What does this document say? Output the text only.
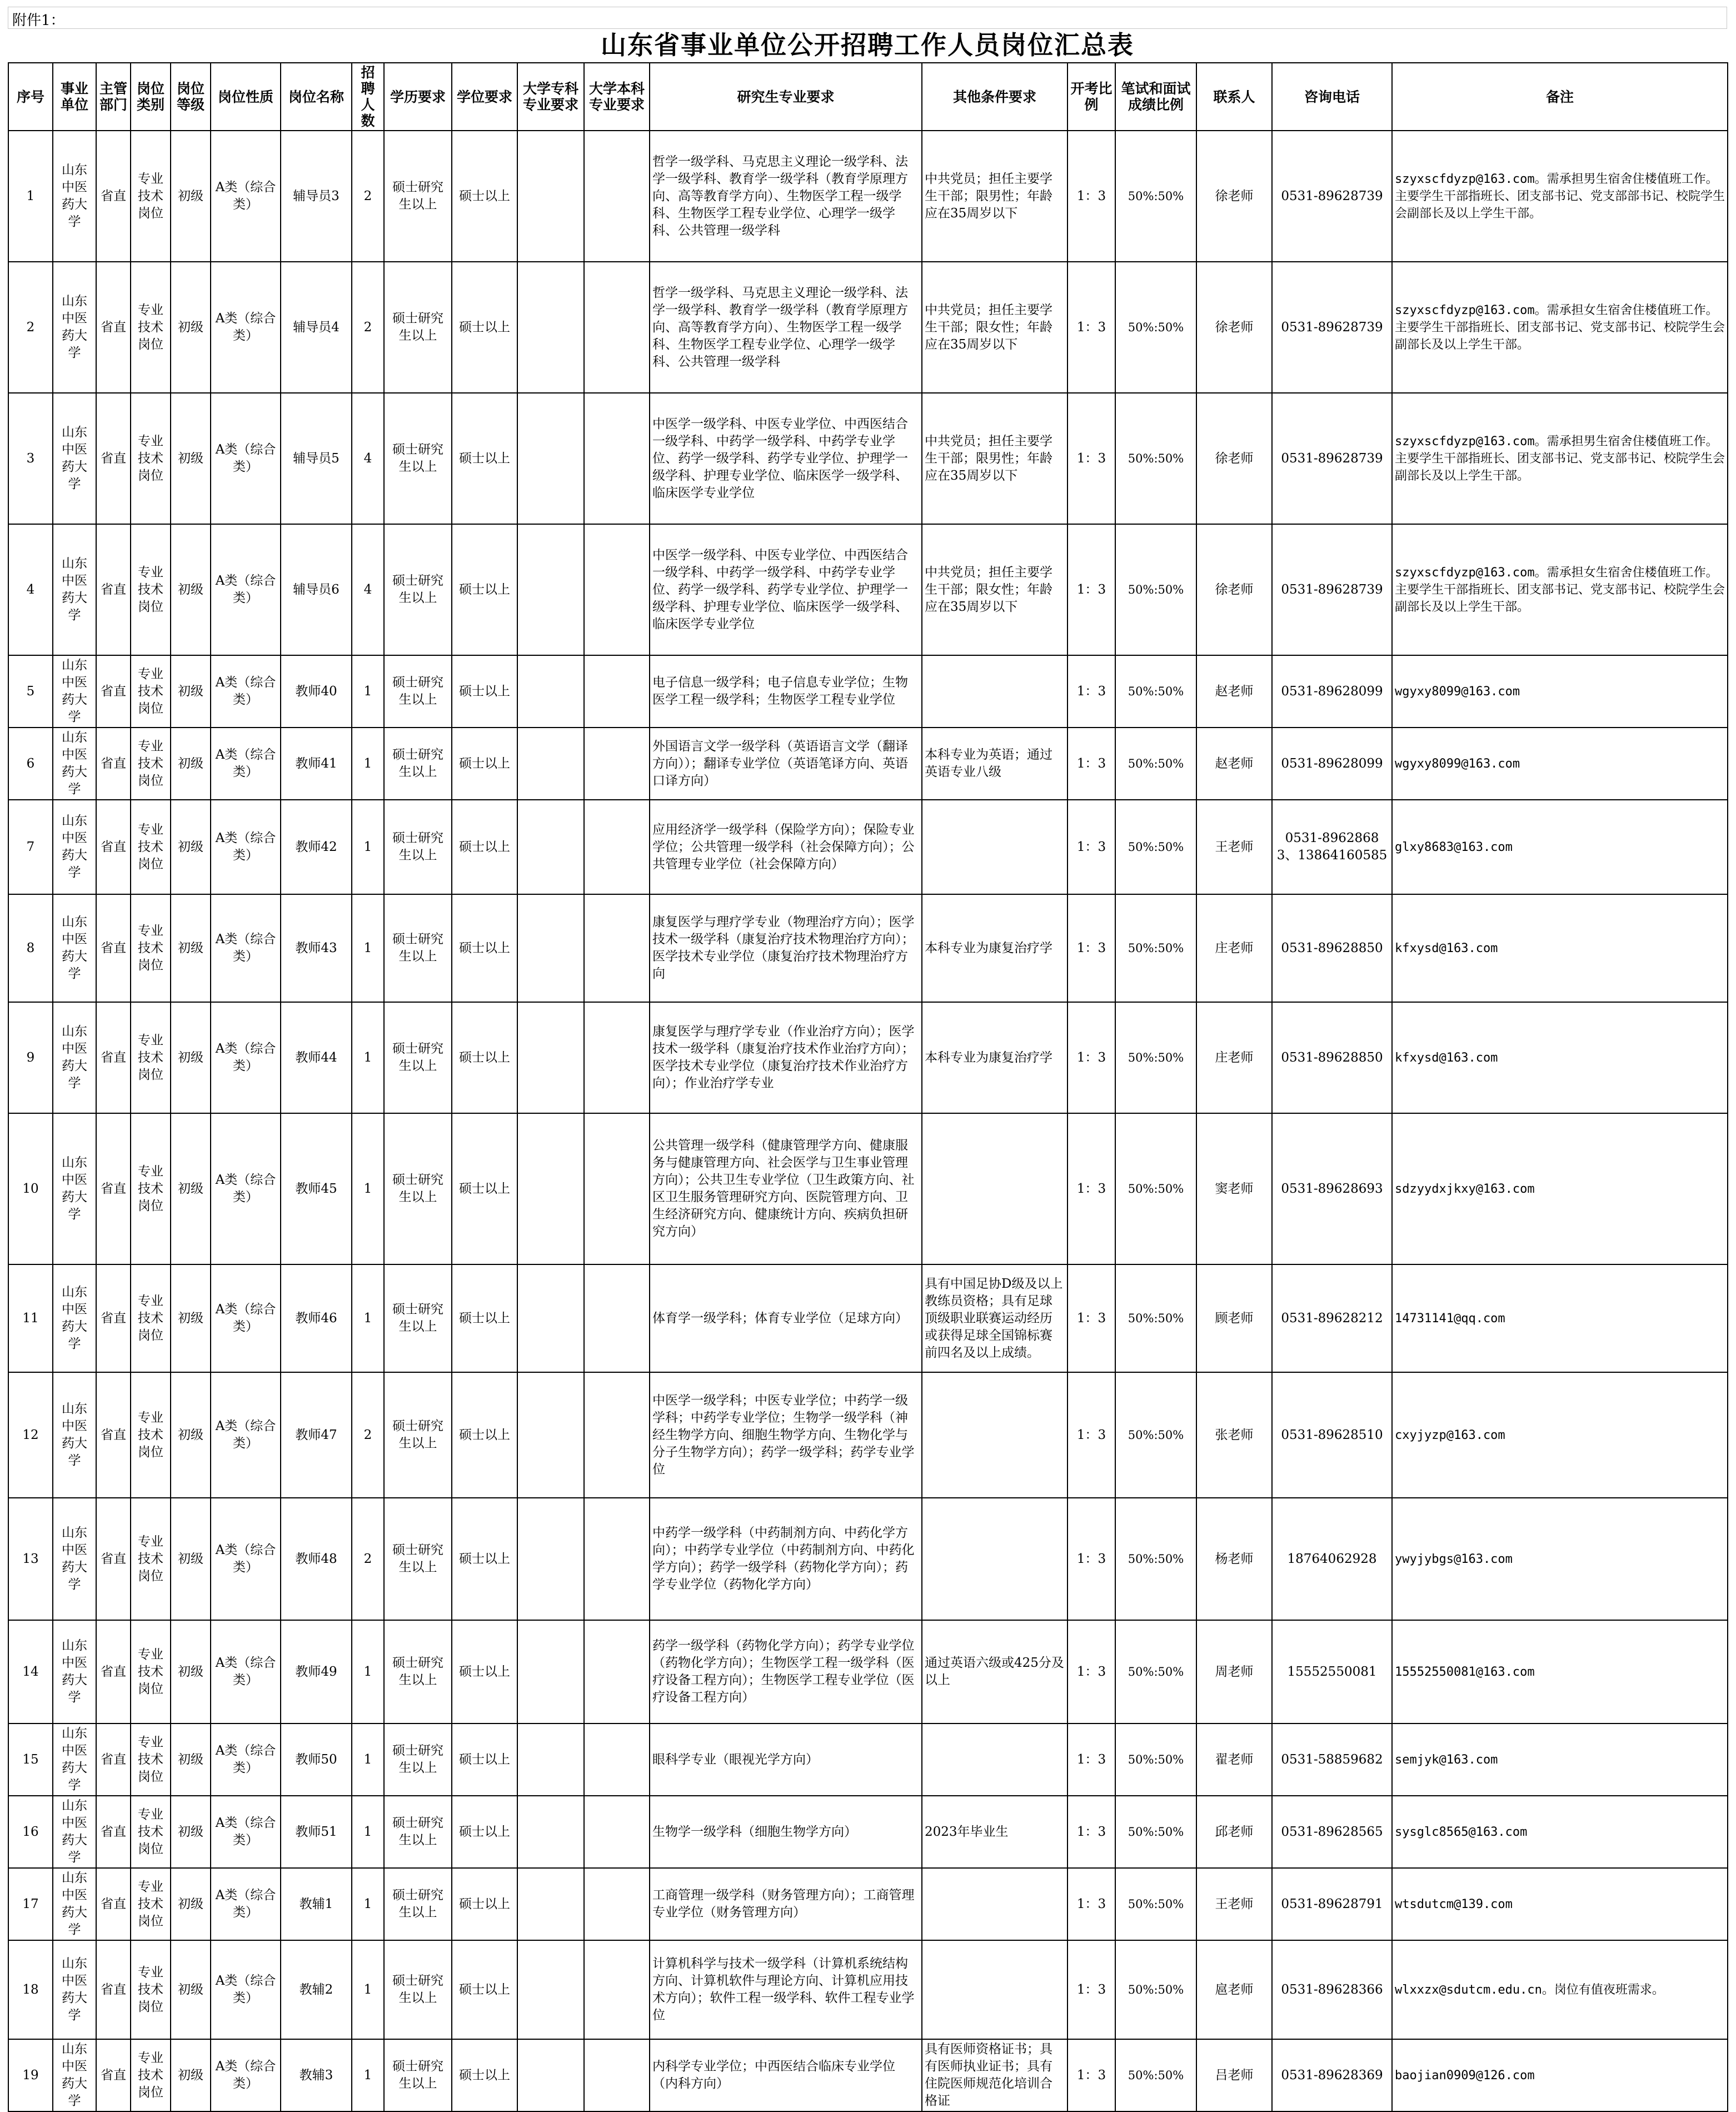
附件1：
山东省事业单位公开招聘工作人员岗位汇总表
序号	事业单位	主管部门	岗位类别	岗位等级	岗位性质	岗位名称	招聘人数	学历要求	学位要求	大学专科专业要求	大学本科专业要求	研究生专业要求	其他条件要求	开考比例	笔试和面试成绩比例	联系人	咨询电话	备注
1	山东中医药大学	省直	专业技术岗位	初级	A类（综合类）	辅导员3	2	硕士研究生以上	硕士以上			哲学一级学科、马克思主义理论一级学科、法学一级学科、教育学一级学科（教育学原理方向、高等教育学方向）、生物医学工程一级学科、生物医学工程专业学位、心理学一级学科、公共管理一级学科	中共党员；担任主要学生干部；限男性；年龄应在35周岁以下	1：3	50%:50%	徐老师	0531-89628739	szyxscfdyzp@163.com。需承担男生宿舍住楼值班工作。主要学生干部指班长、团支部书记、党支部部书记、校院学生会副部长及以上学生干部。
2	山东中医药大学	省直	专业技术岗位	初级	A类（综合类）	辅导员4	2	硕士研究生以上	硕士以上			哲学一级学科、马克思主义理论一级学科、法学一级学科、教育学一级学科（教育学原理方向、高等教育学方向）、生物医学工程一级学科、生物医学工程专业学位、心理学一级学科、公共管理一级学科	中共党员；担任主要学生干部；限女性；年龄应在35周岁以下	1：3	50%:50%	徐老师	0531-89628739	szyxscfdyzp@163.com。需承担女生宿舍住楼值班工作。主要学生干部指班长、团支部书记、党支部书记、校院学生会副部长及以上学生干部。
3	山东中医药大学	省直	专业技术岗位	初级	A类（综合类）	辅导员5	4	硕士研究生以上	硕士以上			中医学一级学科、中医专业学位、中西医结合一级学科、中药学一级学科、中药学专业学位、药学一级学科、药学专业学位、护理学一级学科、护理专业学位、临床医学一级学科、临床医学专业学位	中共党员；担任主要学生干部；限男性；年龄应在35周岁以下	1：3	50%:50%	徐老师	0531-89628739	szyxscfdyzp@163.com。需承担男生宿舍住楼值班工作。主要学生干部指班长、团支部书记、党支部书记、校院学生会副部长及以上学生干部。
4	山东中医药大学	省直	专业技术岗位	初级	A类（综合类）	辅导员6	4	硕士研究生以上	硕士以上			中医学一级学科、中医专业学位、中西医结合一级学科、中药学一级学科、中药学专业学位、药学一级学科、药学专业学位、护理学一级学科、护理专业学位、临床医学一级学科、临床医学专业学位	中共党员；担任主要学生干部；限女性；年龄应在35周岁以下	1：3	50%:50%	徐老师	0531-89628739	szyxscfdyzp@163.com。需承担女生宿舍住楼值班工作。主要学生干部指班长、团支部书记、党支部书记、校院学生会副部长及以上学生干部。
5	山东中医药大学	省直	专业技术岗位	初级	A类（综合类）	教师40	1	硕士研究生以上	硕士以上			电子信息一级学科；电子信息专业学位；生物医学工程一级学科；生物医学工程专业学位		1：3	50%:50%	赵老师	0531-89628099	wgyxy8099@163.com
6	山东中医药大学	省直	专业技术岗位	初级	A类（综合类）	教师41	1	硕士研究生以上	硕士以上			外国语言文学一级学科（英语语言文学（翻译方向））；翻译专业学位（英语笔译方向、英语口译方向）	本科专业为英语；通过英语专业八级	1：3	50%:50%	赵老师	0531-89628099	wgyxy8099@163.com
7	山东中医药大学	省直	专业技术岗位	初级	A类（综合类）	教师42	1	硕士研究生以上	硕士以上			应用经济学一级学科（保险学方向）；保险专业学位；公共管理一级学科（社会保障方向）；公共管理专业学位（社会保障方向）		1：3	50%:50%	王老师	0531-89628683、13864160585	glxy8683@163.com
8	山东中医药大学	省直	专业技术岗位	初级	A类（综合类）	教师43	1	硕士研究生以上	硕士以上			康复医学与理疗学专业（物理治疗方向）；医学技术一级学科（康复治疗技术物理治疗方向）；医学技术专业学位（康复治疗技术物理治疗方向	本科专业为康复治疗学	1：3	50%:50%	庄老师	0531-89628850	kfxysd@163.com
9	山东中医药大学	省直	专业技术岗位	初级	A类（综合类）	教师44	1	硕士研究生以上	硕士以上			康复医学与理疗学专业（作业治疗方向）；医学技术一级学科（康复治疗技术作业治疗方向）；医学技术专业学位（康复治疗技术作业治疗方向）；作业治疗学专业	本科专业为康复治疗学	1：3	50%:50%	庄老师	0531-89628850	kfxysd@163.com
10	山东中医药大学	省直	专业技术岗位	初级	A类（综合类）	教师45	1	硕士研究生以上	硕士以上			公共管理一级学科（健康管理学方向、健康服务与健康管理方向、社会医学与卫生事业管理方向）；公共卫生专业学位（卫生政策方向、社区卫生服务管理研究方向、医院管理方向、卫生经济研究方向、健康统计方向、疾病负担研究方向）		1：3	50%:50%	窦老师	0531-89628693	sdzyydxjkxy@163.com
11	山东中医药大学	省直	专业技术岗位	初级	A类（综合类）	教师46	1	硕士研究生以上	硕士以上			体育学一级学科；体育专业学位（足球方向）	具有中国足协D级及以上教练员资格；具有足球顶级职业联赛运动经历或获得足球全国锦标赛前四名及以上成绩。	1：3	50%:50%	顾老师	0531-89628212	14731141@qq.com
12	山东中医药大学	省直	专业技术岗位	初级	A类（综合类）	教师47	2	硕士研究生以上	硕士以上			中医学一级学科；中医专业学位；中药学一级学科；中药学专业学位；生物学一级学科（神经生物学方向、细胞生物学方向、生物化学与分子生物学方向）；药学一级学科；药学专业学位		1：3	50%:50%	张老师	0531-89628510	cxyjyzp@163.com
13	山东中医药大学	省直	专业技术岗位	初级	A类（综合类）	教师48	2	硕士研究生以上	硕士以上			中药学一级学科（中药制剂方向、中药化学方向）；中药学专业学位（中药制剂方向、中药化学方向）；药学一级学科（药物化学方向）；药学专业学位（药物化学方向）		1：3	50%:50%	杨老师	18764062928	ywyjybgs@163.com
14	山东中医药大学	省直	专业技术岗位	初级	A类（综合类）	教师49	1	硕士研究生以上	硕士以上			药学一级学科（药物化学方向）；药学专业学位（药物化学方向）；生物医学工程一级学科（医疗设备工程方向）；生物医学工程专业学位（医疗设备工程方向）	通过英语六级或425分及以上	1：3	50%:50%	周老师	15552550081	15552550081@163.com
15	山东中医药大学	省直	专业技术岗位	初级	A类（综合类）	教师50	1	硕士研究生以上	硕士以上			眼科学专业（眼视光学方向）		1：3	50%:50%	翟老师	0531-58859682	semjyk@163.com
16	山东中医药大学	省直	专业技术岗位	初级	A类（综合类）	教师51	1	硕士研究生以上	硕士以上			生物学一级学科（细胞生物学方向）	2023年毕业生	1：3	50%:50%	邱老师	0531-89628565	sysglc8565@163.com
17	山东中医药大学	省直	专业技术岗位	初级	A类（综合类）	教辅1	1	硕士研究生以上	硕士以上			工商管理一级学科（财务管理方向）；工商管理专业学位（财务管理方向）		1：3	50%:50%	王老师	0531-89628791	wtsdutcm@139.com
18	山东中医药大学	省直	专业技术岗位	初级	A类（综合类）	教辅2	1	硕士研究生以上	硕士以上			计算机科学与技术一级学科（计算机系统结构方向、计算机软件与理论方向、计算机应用技术方向）；软件工程一级学科、软件工程专业学位		1：3	50%:50%	扈老师	0531-89628366	wlxxzx@sdutcm.edu.cn。岗位有值夜班需求。
19	山东中医药大学	省直	专业技术岗位	初级	A类（综合类）	教辅3	1	硕士研究生以上	硕士以上			内科学专业学位；中西医结合临床专业学位（内科方向）	具有医师资格证书；具有医师执业证书；具有住院医师规范化培训合格证	1：3	50%:50%	吕老师	0531-89628369	baojian0909@126.com
